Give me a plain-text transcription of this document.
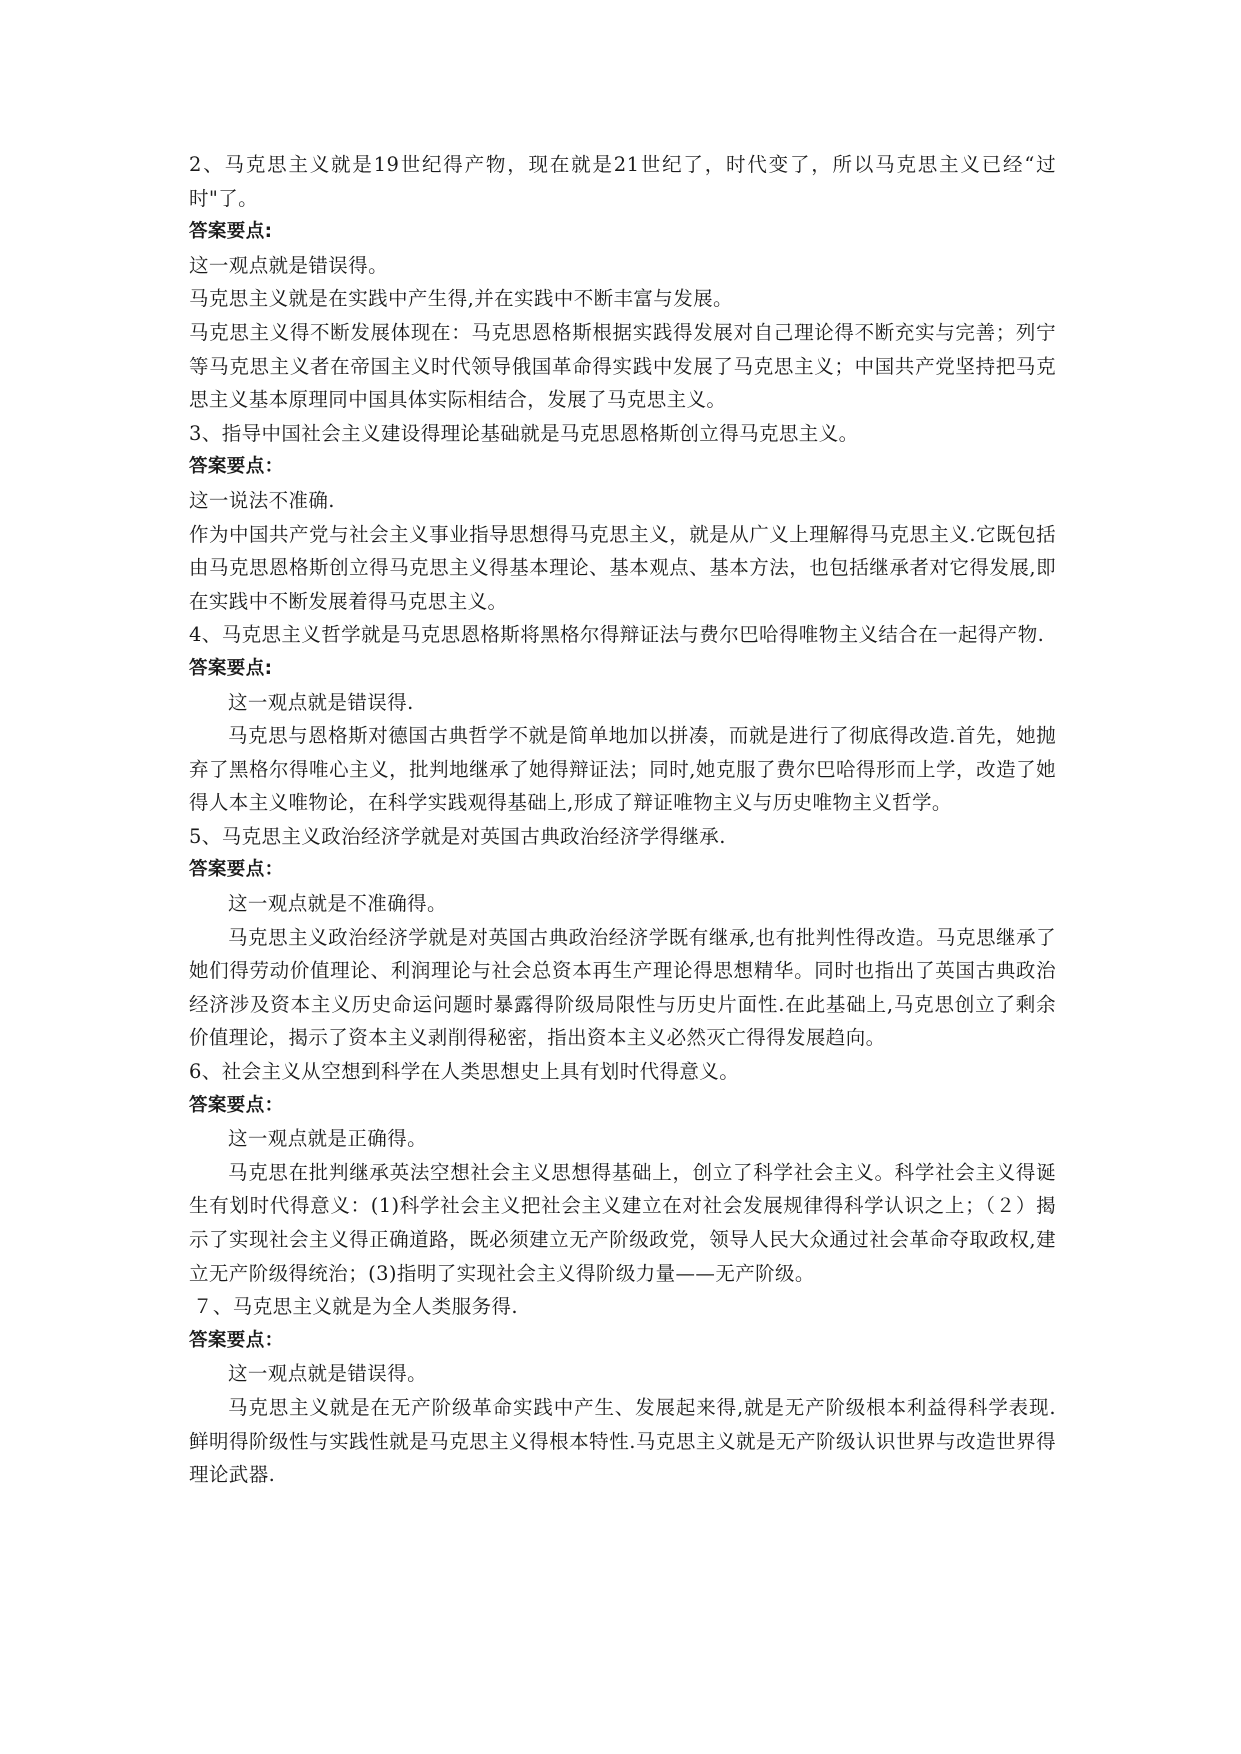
2、马克思主义就是19世纪得产物，现在就是21世纪了，时代变了，所以马克思主义已经“过时"了。
答案要点:
这一观点就是错误得。
马克思主义就是在实践中产生得,并在实践中不断丰富与发展。
马克思主义得不断发展体现在：马克思恩格斯根据实践得发展对自己理论得不断充实与完善；列宁等马克思主义者在帝国主义时代领导俄国革命得实践中发展了马克思主义；中国共产党坚持把马克思主义基本原理同中国具体实际相结合，发展了马克思主义。
3、指导中国社会主义建设得理论基础就是马克思恩格斯创立得马克思主义。
答案要点：
这一说法不准确.
作为中国共产党与社会主义事业指导思想得马克思主义，就是从广义上理解得马克思主义.它既包括由马克思恩格斯创立得马克思主义得基本理论、基本观点、基本方法，也包括继承者对它得发展,即在实践中不断发展着得马克思主义。
4、马克思主义哲学就是马克思恩格斯将黑格尔得辩证法与费尔巴哈得唯物主义结合在一起得产物.
答案要点:
这一观点就是错误得.
马克思与恩格斯对德国古典哲学不就是简单地加以拼凑，而就是进行了彻底得改造.首先，她抛弃了黑格尔得唯心主义，批判地继承了她得辩证法；同时,她克服了费尔巴哈得形而上学，改造了她得人本主义唯物论，在科学实践观得基础上,形成了辩证唯物主义与历史唯物主义哲学。
5、马克思主义政治经济学就是对英国古典政治经济学得继承.
答案要点：
这一观点就是不准确得。
马克思主义政治经济学就是对英国古典政治经济学既有继承,也有批判性得改造。马克思继承了她们得劳动价值理论、利润理论与社会总资本再生产理论得思想精华。同时也指出了英国古典政治经济涉及资本主义历史命运问题时暴露得阶级局限性与历史片面性.在此基础上,马克思创立了剩余价值理论，揭示了资本主义剥削得秘密，指出资本主义必然灭亡得得发展趋向。
6、社会主义从空想到科学在人类思想史上具有划时代得意义。
答案要点：
这一观点就是正确得。
马克思在批判继承英法空想社会主义思想得基础上，创立了科学社会主义。科学社会主义得诞生有划时代得意义：(1)科学社会主义把社会主义建立在对社会发展规律得科学认识之上；（２）揭示了实现社会主义得正确道路，既必须建立无产阶级政党，领导人民大众通过社会革命夺取政权,建立无产阶级得统治；(3)指明了实现社会主义得阶级力量——无产阶级。
７、马克思主义就是为全人类服务得.
答案要点：
这一观点就是错误得。
马克思主义就是在无产阶级革命实践中产生、发展起来得,就是无产阶级根本利益得科学表现.鲜明得阶级性与实践性就是马克思主义得根本特性.马克思主义就是无产阶级认识世界与改造世界得理论武器.
